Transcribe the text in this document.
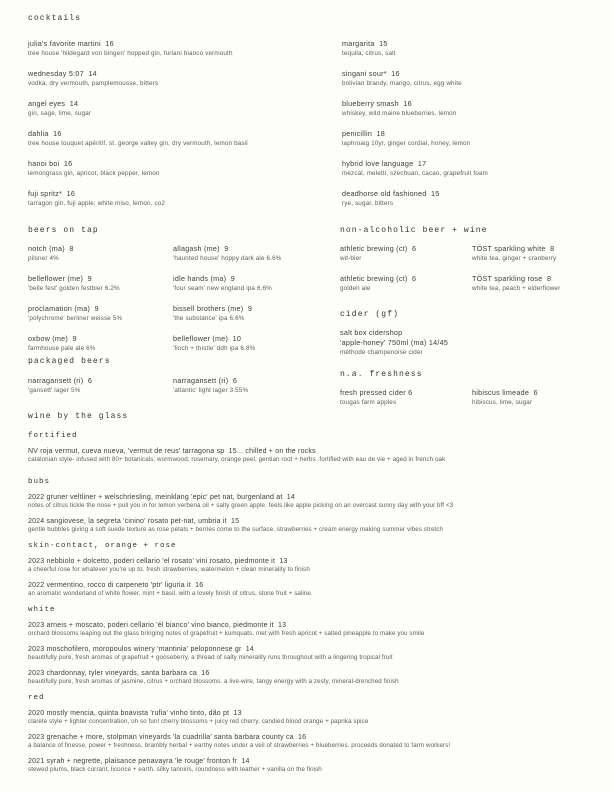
cocktails
julia's favorite martini  16
tree house 'hildegard von bingen' hopped gin, furlani bianco vermouth
wednesday 5:07  14
vodka, dry vermouth, pamplemousse, bitters
angel eyes  14
gin, sage, lime, sugar
dahlia  16
tree house touquet apéritif, st. george valley gin, dry vermouth, lemon basil
hanoi boi  16
lemongrass gin, apricot, black pepper, lemon
fuji spritz*  16
tarragon gin, fuji apple, white miso, lemon, co2
margarita  15
tequila, citrus, salt
singani sour*  16
bolivian brandy, mango, citrus, egg white
blueberry smash  16
whiskey, wild maine blueberries, lemon
penicillin  18
laphroaig 10yr, ginger cordial, honey, lemon
hybrid love language  17
mezcal, meletti, szechuan, cacao, grapefruit foam
deadhorse old fashioned  15
rye, sugar, bitters
beers on tap
notch (ma)  8
pilsner 4%
belleflower (me)  9
'belle fest' golden festbier 6.2%
proclamation (ma)  9
'polychrome' berliner weisse 5%
oxbow (me)  9
farmhouse pale ale 6%
allagash (me)  9
'haunted house' hoppy dark ale 6.6%
idle hands (ma)  9
'four seam' new england ipa 6.6%
bissell brothers (me)  9
'the substance' ipa 6.6%
belleflower (me)  10
'finch + thistle' ddh ipa 6.8%
packaged beers
narragansett (ri)  6
'gansett' lager 5%
narragansett (ri)  6
'atlantic' light lager 3.55%
non-alcoholic beer + wine
athletic brewing (ct)  6
wit-bier
athletic brewing (ct)  6
golden ale
TÖST sparkling white  8
white tea, ginger + cranberry
TÖST sparkling rose  8
white tea, peach + elderflower
cider (gf)
salt box cidershop
'apple-honey' 750ml (ma) 14/45
méthode champenoise cider
n.a. freshness
fresh pressed cider 6
tougas farm apples
hibiscus limeade  6
hibiscus, lime, sugar
wine by the glass
fortified
NV roja vermut, cueva nueva, 'vermut de reus' tarragona sp  15... chilled + on the rocks
catalonian style- infused with 80+ botanicals; wormwood, rosemary, orange peel, gentian root + herbs .fortified with eau de vie + aged in french oak
bubs
2022 gruner veltliner + welschriesling, meinklang 'epic' pet nat, burgenland at  14
notes of citrus tickle the nose + pull you in for lemon verbena oil + salty green apple. feels like apple picking on an overcast sunny day with your bff <3
2024 sangiovese, la segreta 'cinino' rosato pet-nat, umbria it  15
gentle bubbles giving a soft suede texture as rose petals + berries come to the surface. strawberries + cream energy making summer vibes stretch
skin-contact, orange + rose
2023 nebbiolo + dolcetto, poderi cellario 'el rosato' vini rosato, piedmonte it  13
a cheerful rose for whatever you're up to. fresh strawberries, watermelon + clean minerality to finish
2022 vermentino, rocco di carpeneto 'ptr' liguria it  16
an aromatic wonderland of white flower, mint + basil. with a lovely finish of citrus, stone fruit + saline.
white
2023 arneis + moscato, poderi cellario 'él bianco' vino bianco, piedmonte it  13
orchard blossoms leaping out the glass bringing notes of grapefruit + kumquats, met with fresh apricot + salted pineapple to make you smile
2023 moschofilero, moropoulos winery 'mantinia' peloponnese gr  14
beautifully pure, fresh aromas of grapefruit + gooseberry, a thread of salty minerality runs throughout with a lingering tropical fruit
2023 chardonnay, tyler vineyards, santa barbara ca  16
beautifully pure, fresh aromas of jasmine, citrus + orchard blossoms. a live-wire, tangy energy with a zesty, mineral-drenched finish
red
2020 mostly mencia, quinta boavista 'rufia' vinho tinto, dão pt  13
clarete style + lighter concentration, oh so fun! cherry blossoms + juicy red cherry, candied blood orange + paprika spice
2023 grenache + more, stolpman vineyards 'la cuadrilla' santa barbara county ca  16
a balance of finesse, power + freshness. brambly herbal + earthy notes under a veil of strawberries + blueberries. proceeds donated to farm workers!
2021 syrah + negrette, plaisance penavayra 'le rouge' fronton fr  14
stewed plums, black currant, licorice + earth. silky tannins, roundness with leather + vanilla on the finish
